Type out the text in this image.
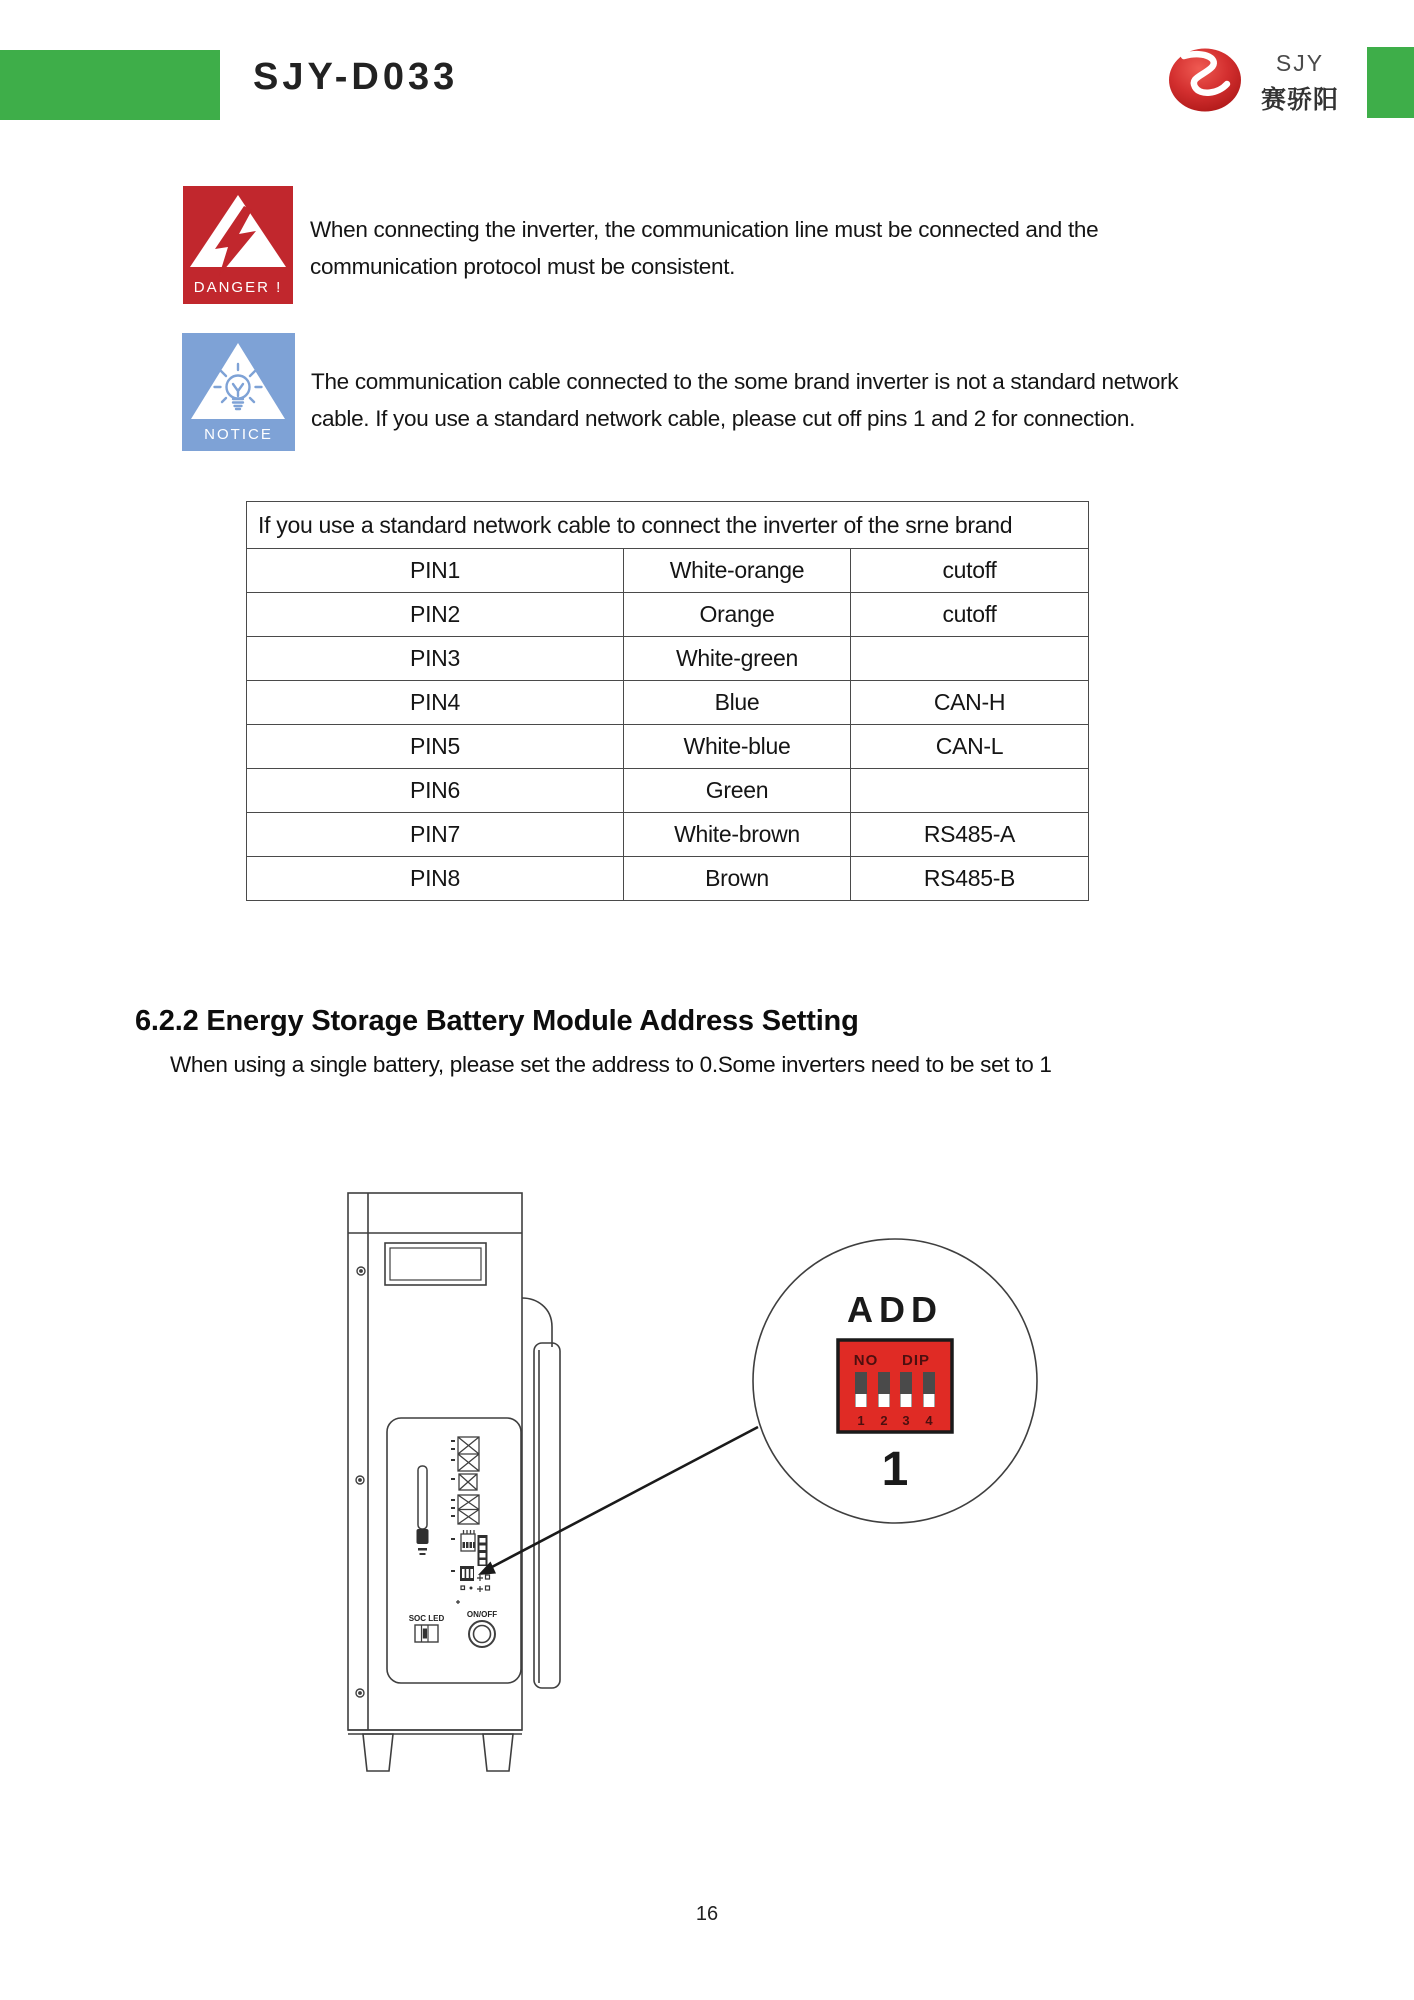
SJY-D033	SJY
赛骄阳
DANGER !
When connecting the inverter, the communication line must be connected and the
communication protocol must be consistent.
NOTICE
The communication cable connected to the some brand inverter is not a standard network
cable. If you use a standard network cable, please cut off pins 1 and 2 for connection.
If you use a standard network cable to connect the inverter of the srne brand		
PIN1	White-orange	cutoff
PIN2	Orange	cutoff
PIN3	White-green	
PIN4	Blue	CAN-H
PIN5	White-blue	CAN-L
PIN6	Green	
PIN7	White-brown	RS485-A
PIN8	Brown	RS485-B
6.2.2 Energy Storage Battery Module Address Setting
When using a single battery, please set the address to 0.Some inverters need to be set to 1
SOC LED	ON/OFF
ADD
NO DIP
1 2 3 4
1
16
